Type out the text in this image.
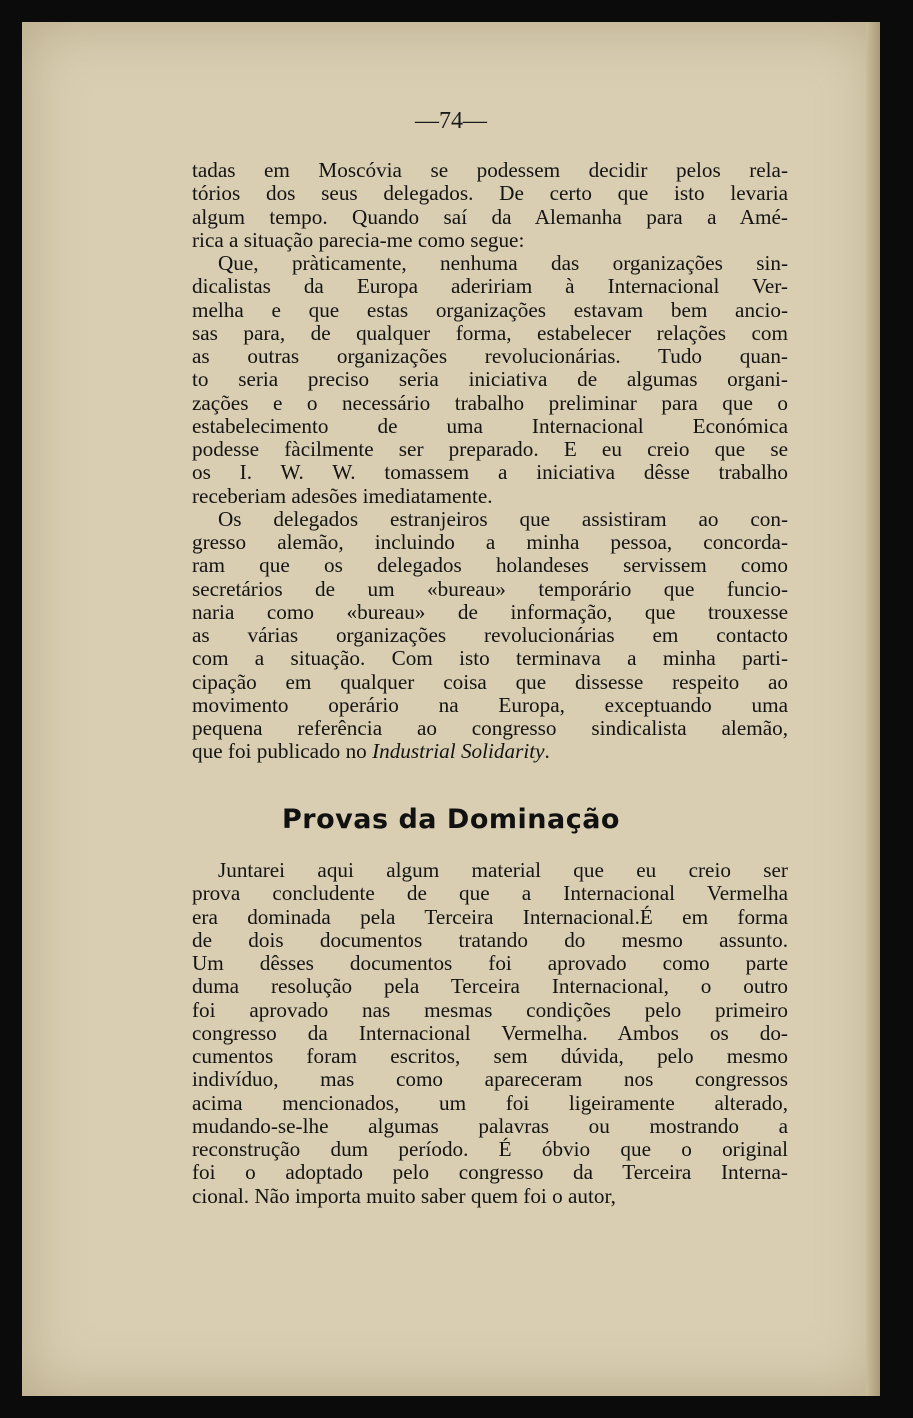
—74—

tadas em Moscóvia se podessem decidir pelos rela-
tórios dos seus delegados. De certo que isto levaria
algum tempo. Quando saí da Alemanha para a Amé-
rica a situação parecia-me como segue:

Que, pràticamente, nenhuma das organizações sin-
dicalistas da Europa adeririam à Internacional Ver-
melha e que estas organizações estavam bem ancio-
sas para, de qualquer forma, estabelecer relações com
as outras organizações revolucionárias. Tudo quan-
to seria preciso seria iniciativa de algumas organi-
zações e o necessário trabalho preliminar para que o
estabelecimento de uma Internacional Económica
podesse fàcilmente ser preparado. E eu creio que se
os I. W. W. tomassem a iniciativa dêsse trabalho
receberiam adesões imediatamente.

Os delegados estranjeiros que assistiram ao con-
gresso alemão, incluindo a minha pessoa, concorda-
ram que os delegados holandeses servissem como
secretários de um «bureau» temporário que funcio-
naria como «bureau» de informação, que trouxesse
as várias organizações revolucionárias em contacto
com a situação. Com isto terminava a minha parti-
cipação em qualquer coisa que dissesse respeito ao
movimento operário na Europa, exceptuando uma
pequena referência ao congresso sindicalista alemão,
que foi publicado no Industrial Solidarity.

Provas da Dominação

Juntarei aqui algum material que eu creio ser
prova concludente de que a Internacional Vermelha
era dominada pela Terceira Internacional.É em forma
de dois documentos tratando do mesmo assunto.
Um dêsses documentos foi aprovado como parte
duma resolução pela Terceira Internacional, o outro
foi aprovado nas mesmas condições pelo primeiro
congresso da Internacional Vermelha. Ambos os do-
cumentos foram escritos, sem dúvida, pelo mesmo
indivíduo, mas como apareceram nos congressos
acima mencionados, um foi ligeiramente alterado,
mudando-se-lhe algumas palavras ou mostrando a
reconstrução dum período. É óbvio que o original
foi o adoptado pelo congresso da Terceira Interna-
cional. Não importa muito saber quem foi o autor,
